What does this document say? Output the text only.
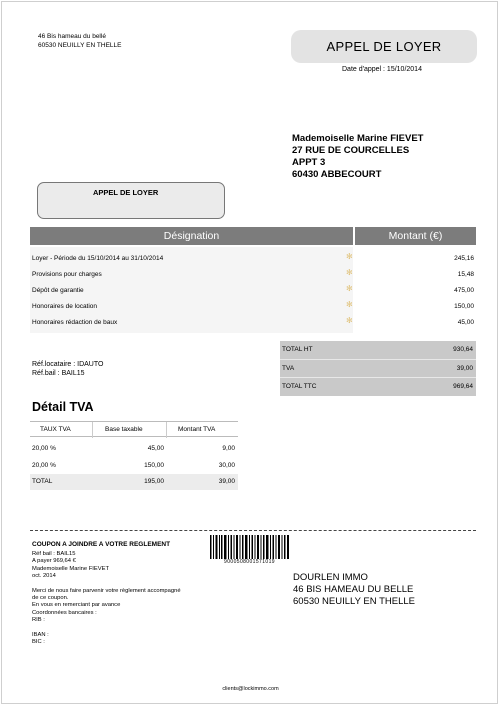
46 Bis hameau du bellé
60530 NEUILLY EN THELLE	APPEL DE LOYER
Date d'appel : 15/10/2014
Mademoiselle Marine FIEVET
27 RUE DE COURCELLES
APPT 3
60430 ABBECOURT
APPEL DE LOYER
Désignation	Montant (€)
Loyer - Période du 15/10/2014 au 31/10/2014	✻	245,16
Provisions pour charges	✻	15,48
Dépôt de garantie	✻	475,00
Honoraires de location	✻	150,00
Honoraires rédaction de baux	✻	45,00
TOTAL HT	930,64
TVA	39,00
TOTAL TTC	969,64
Réf.locataire : IDAUTO
Réf.bail : BAIL15
Détail TVA
TAUX TVA	Base taxable	Montant TVA
20,00 %	45,00	9,00
20,00 %	150,00	30,00
TOTAL	195,00	39,00
COUPON A JOINDRE A VOTRE REGLEMENT
Réf bail : BAIL15
A payer 969,64 €
Mademoiselle Marine FIEVET
oct. 2014
Merci de nous faire parvenir votre règlement accompagné
de ce coupon.
En vous en remerciant par avance
Coordonnées bancaires :
RIB :
IBAN :
BIC :
9000508001571019
DOURLEN IMMO
46 BIS HAMEAU DU BELLE
60530 NEUILLY EN THELLE
clients@lockimmo.com
